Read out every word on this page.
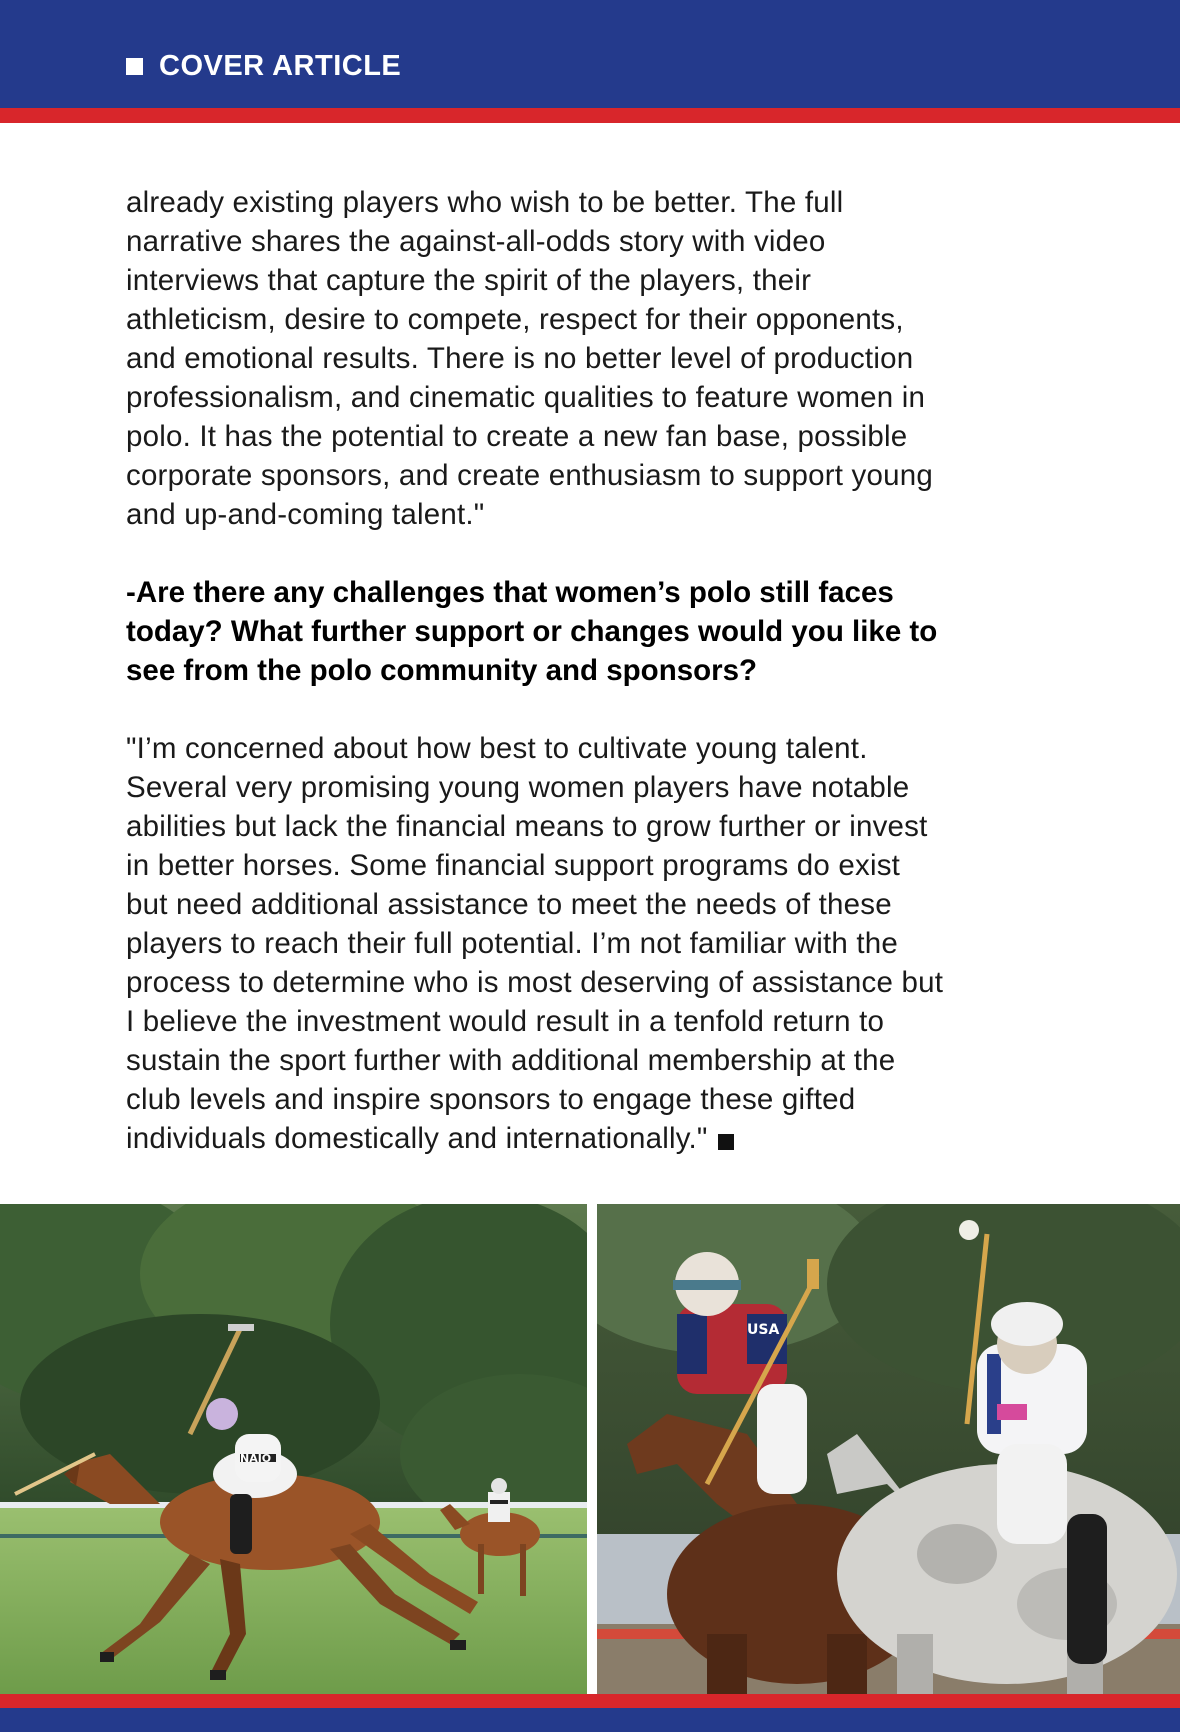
COVER ARTICLE

already existing players who wish to be better. The full
narrative shares the against-all-odds story with video
interviews that capture the spirit of the players, their
athleticism, desire to compete, respect for their opponents,
and emotional results. There is no better level of production
professionalism, and cinematic qualities to feature women in
polo. It has the potential to create a new fan base, possible
corporate sponsors, and create enthusiasm to support young
and up-and-coming talent."

-Are there any challenges that women’s polo still faces
today? What further support or changes would you like to
see from the polo community and sponsors?

"I’m concerned about how best to cultivate young talent.
Several very promising young women players have notable
abilities but lack the financial means to grow further or invest
in better horses. Some financial support programs do exist
but need additional assistance to meet the needs of these
players to reach their full potential. I’m not familiar with the
process to determine who is most deserving of assistance but
I believe the investment would result in a tenfold return to
sustain the sport further with additional membership at the
club levels and inspire sponsors to engage these gifted
individuals domestically and internationally."

NAIO
USA
